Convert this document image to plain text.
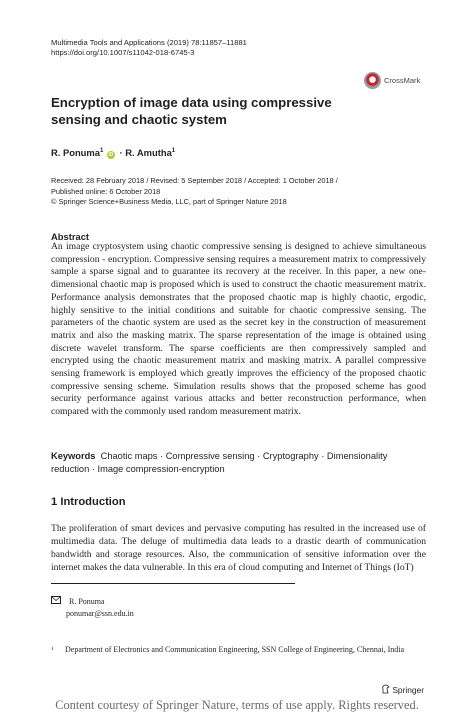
Multimedia Tools and Applications (2019) 78:11857–11881
https://doi.org/10.1007/s11042-018-6745-3
CrossMark
Encryption of image data using compressive sensing and chaotic system
R. Ponuma$^1$ iD · R. Amutha$^1$
Received: 28 February 2018 / Revised: 5 September 2018 / Accepted: 1 October 2018 /
Published online: 6 October 2018
© Springer Science+Business Media, LLC, part of Springer Nature 2018
Abstract
An image cryptosystem using chaotic compressive sensing is designed to achieve simultaneous compression - encryption. Compressive sensing requires a measurement matrix to compressively sample a sparse signal and to guarantee its recovery at the receiver. In this paper, a new one-dimensional chaotic map is proposed which is used to construct the chaotic measurement matrix. Performance analysis demonstrates that the proposed chaotic map is highly chaotic, ergodic, highly sensitive to the initial conditions and suitable for chaotic compressive sensing. The parameters of the chaotic system are used as the secret key in the construction of measurement matrix and also the masking matrix. The sparse representation of the image is obtained using discrete wavelet transform. The sparse coefficients are then compressively sampled and encrypted using the chaotic measurement matrix and masking matrix. A parallel compressive sensing framework is employed which greatly improves the efficiency of the proposed chaotic compressive sensing scheme. Simulation results shows that the proposed scheme has good security performance against various attacks and better reconstruction performance, when compared with the commonly used random measurement matrix.
Keywords Chaotic maps · Compressive sensing · Cryptography · Dimensionality reduction · Image compression-encryption
1 Introduction
The proliferation of smart devices and pervasive computing has resulted in the increased use of multimedia data. The deluge of multimedia data leads to a drastic dearth of communication bandwidth and storage resources. Also, the communication of sensitive information over the internet makes the data vulnerable. In this era of cloud computing and Internet of Things (IoT)
R. Ponuma
ponumar@ssn.edu.in
$^1$ Department of Electronics and Communication Engineering, SSN College of Engineering, Chennai, India
Springer
Content courtesy of Springer Nature, terms of use apply. Rights reserved.
